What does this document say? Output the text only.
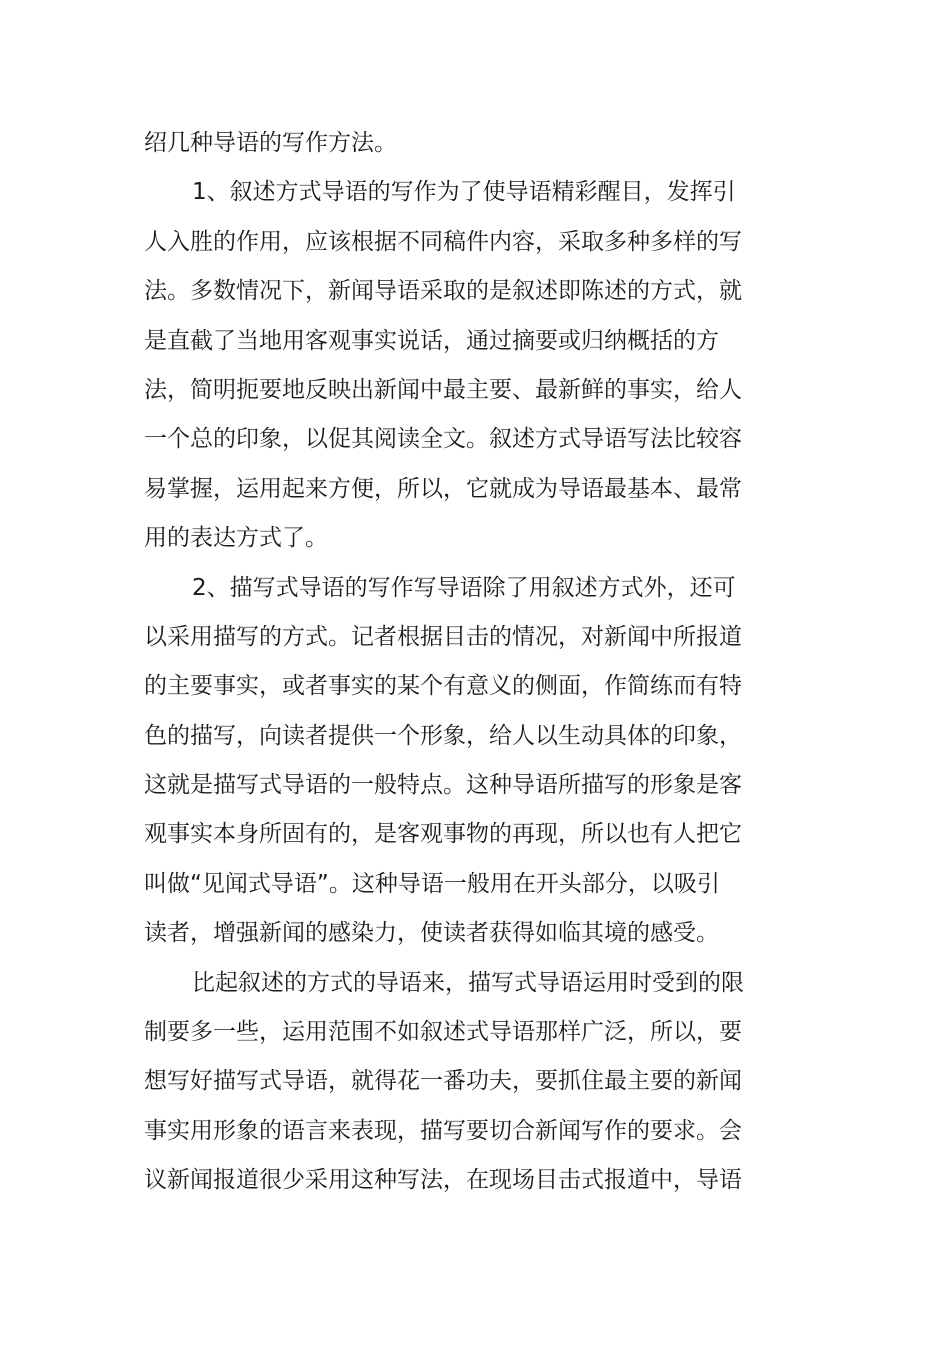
绍几种导语的写作方法。
1、叙述方式导语的写作为了使导语精彩醒目，发挥引
人入胜的作用，应该根据不同稿件内容，采取多种多样的写
法。多数情况下，新闻导语采取的是叙述即陈述的方式，就
是直截了当地用客观事实说话，通过摘要或归纳概括的方
法，简明扼要地反映出新闻中最主要、最新鲜的事实，给人
一个总的印象，以促其阅读全文。叙述方式导语写法比较容
易掌握，运用起来方便，所以，它就成为导语最基本、最常
用的表达方式了。
2、描写式导语的写作写导语除了用叙述方式外，还可
以采用描写的方式。记者根据目击的情况，对新闻中所报道
的主要事实，或者事实的某个有意义的侧面，作简练而有特
色的描写，向读者提供一个形象，给人以生动具体的印象，
这就是描写式导语的一般特点。这种导语所描写的形象是客
观事实本身所固有的，是客观事物的再现，所以也有人把它
叫做“见闻式导语”。这种导语一般用在开头部分，以吸引
读者，增强新闻的感染力，使读者获得如临其境的感受。
比起叙述的方式的导语来，描写式导语运用时受到的限
制要多一些，运用范围不如叙述式导语那样广泛，所以，要
想写好描写式导语，就得花一番功夫，要抓住最主要的新闻
事实用形象的语言来表现，描写要切合新闻写作的要求。会
议新闻报道很少采用这种写法，在现场目击式报道中，导语
